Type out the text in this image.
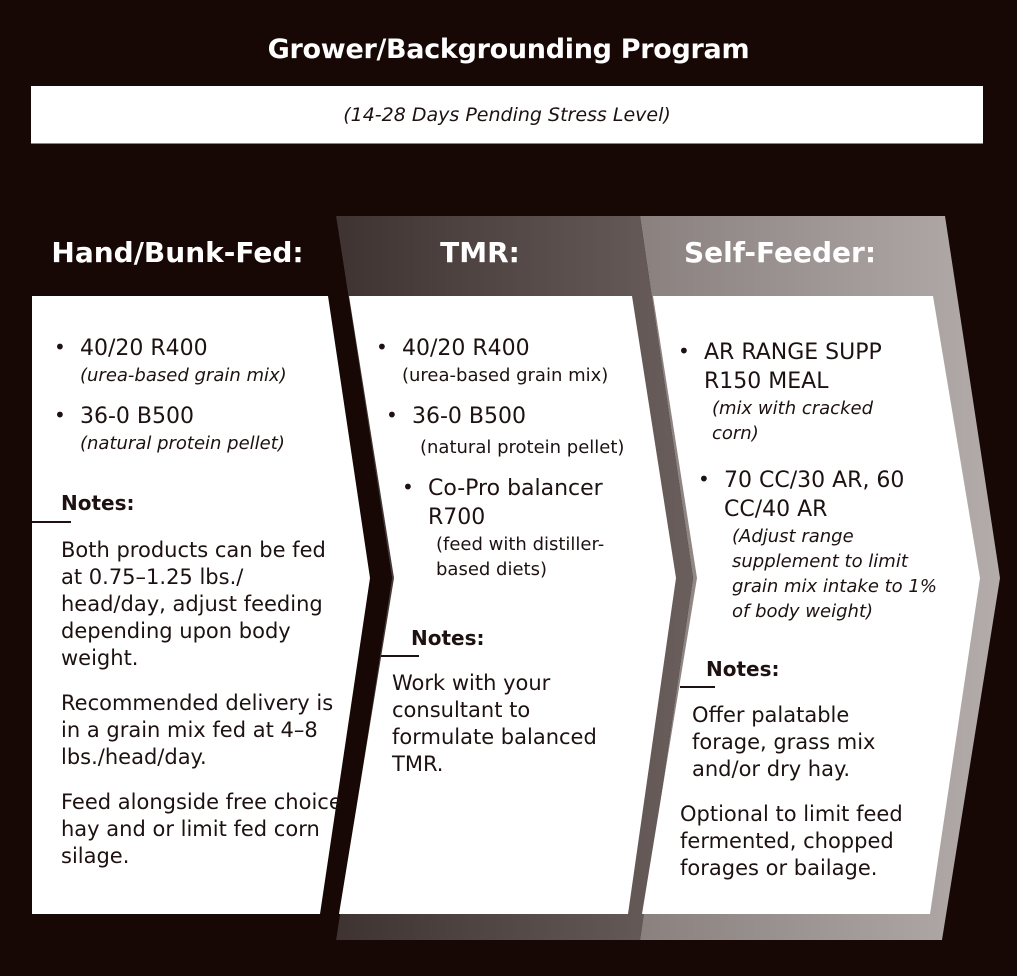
Grower/Backgrounding Program
(14-28 Days Pending Stress Level)
Hand/Bunk-Fed:	TMR:	Self-Feeder:
• 40/20 R400
(urea-based grain mix)
• 36-0 B500
(natural protein pellet)
Notes:

Both products can be fed at 0.75–1.25 lbs./ head/day, adjust feeding depending upon body weight.

Recommended delivery is in a grain mix fed at 4–8 lbs./head/day.

Feed alongside free choice hay and or limit fed corn silage.

• 40/20 R400
(urea-based grain mix)
• 36-0 B500
(natural protein pellet)
• Co-Pro balancer R700
(feed with distiller-based diets)
Notes:

Work with your consultant to formulate balanced TMR.

• AR RANGE SUPP R150 MEAL
(mix with cracked corn)
• 70 CC/30 AR, 60 CC/40 AR
(Adjust range supplement to limit grain mix intake to 1% of body weight)
Notes:

Offer palatable forage, grass mix and/or dry hay.

Optional to limit feed fermented, chopped forages or bailage.
